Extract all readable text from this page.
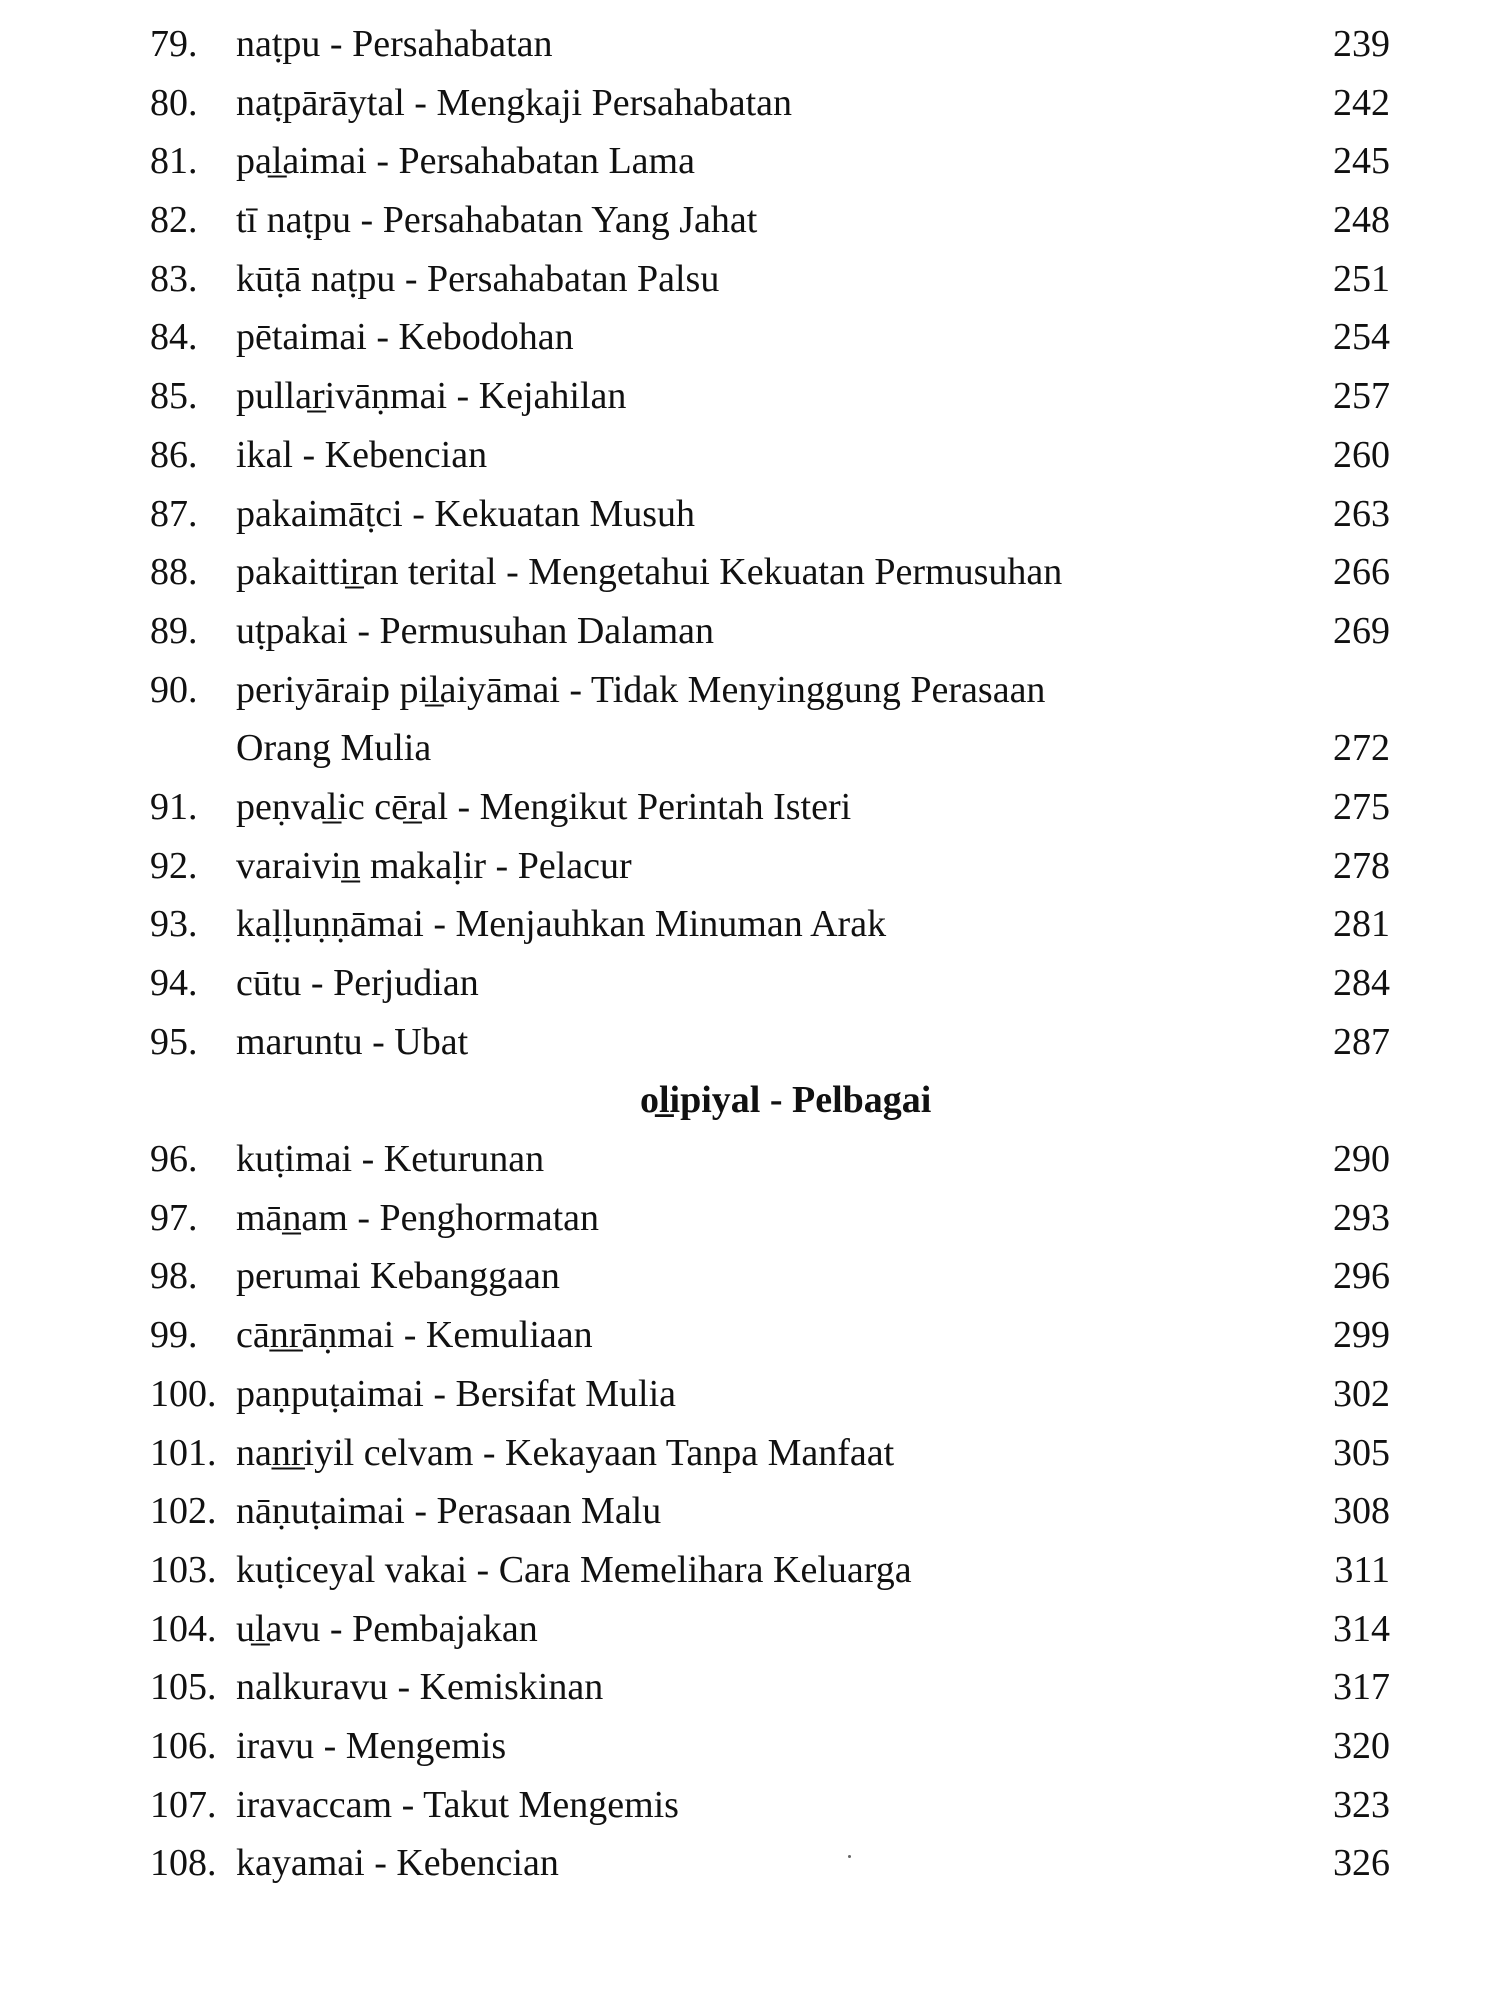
79. naṭpu - Persahabatan	239
80. naṭpārāytal - Mengkaji Persahabatan	242
81. pal̲aimai - Persahabatan Lama	245
82. tī naṭpu - Persahabatan Yang Jahat	248
83. kūṭā naṭpu - Persahabatan Palsu	251
84. pētaimai - Kebodohan	254
85. pullar̲ivāṇmai - Kejahilan	257
86. ikal - Kebencian	260
87. pakaimāṭci - Kekuatan Musuh	263
88. pakaittir̲an terital - Mengetahui Kekuatan Permusuhan	266
89. uṭpakai - Permusuhan Dalaman	269
90. periyāraip pil̲aiyāmai - Tidak Menyinggung Perasaan
Orang Mulia	272
91. peṇval̲ic cēr̲al - Mengikut Perintah Isteri	275
92. varaivin̲ makaḷir - Pelacur	278
93. kaḷḷuṇṇāmai - Menjauhkan Minuman Arak	281
94. cūtu - Perjudian	284
95. maruntu - Ubat	287
ol̲ipiyal - Pelbagai
96. kuṭimai - Keturunan	290
97. mān̲am - Penghormatan	293
98. perumai Kebanggaan	296
99. cān̲r̲āṇmai - Kemuliaan	299
100. paṇpuṭaimai - Bersifat Mulia	302
101. nan̲r̲iyil celvam - Kekayaan Tanpa Manfaat	305
102. nāṇuṭaimai - Perasaan Malu	308
103. kuṭiceyal vakai - Cara Memelihara Keluarga	311
104. ul̲avu - Pembajakan	314
105. nalkuravu - Kemiskinan	317
106. iravu - Mengemis	320
107. iravaccam - Takut Mengemis	323
108. kayamai - Kebencian	326
